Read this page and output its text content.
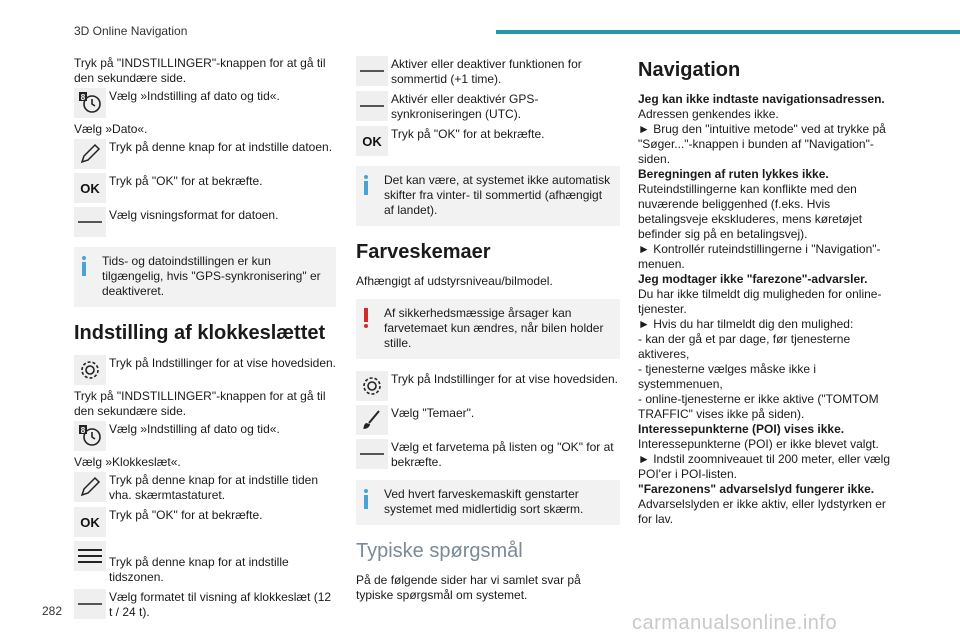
3D Online Navigation

Tryk på "INDSTILLINGER"-knappen for at gå til den sekundære side.

8 Vælg »Indstilling af dato og tid«.

Vælg »Dato«.

Tryk på denne knap for at indstille datoen.
OK Tryk på "OK" for at bekræfte.
Vælg visningsformat for datoen.
Tids- og datoindstillingen er kun tilgængelig, hvis "GPS-synkronisering" er deaktiveret.
Indstilling af klokkeslættet
Tryk på Indstillinger for at vise hovedsiden.

Tryk på "INDSTILLINGER"-knappen for at gå til den sekundære side.

8 Vælg »Indstilling af dato og tid«.

Vælg »Klokkeslæt«.

Tryk på denne knap for at indstille tiden vha. skærmtastaturet.
OK Tryk på "OK" for at bekræfte.
Tryk på denne knap for at indstille tidszonen.
Vælg formatet til visning af klokkeslæt (12 t / 24 t).
Aktiver eller deaktiver funktionen for sommertid (+1 time).
Aktivér eller deaktivér GPS-synkroniseringen (UTC).
OK Tryk på "OK" for at bekræfte.
Det kan være, at systemet ikke automatisk skifter fra vinter- til sommertid (afhængigt af landet).
Farveskemaer

Afhængigt af udstyrsniveau/bilmodel.

Af sikkerhedsmæssige årsager kan farvetemaet kun ændres, når bilen holder stille.
Tryk på Indstillinger for at vise hovedsiden.
Vælg "Temaer".
Vælg et farvetema på listen og "OK" for at bekræfte.
Ved hvert farveskemaskift genstarter systemet med midlertidig sort skærm.
Typiske spørgsmål

På de følgende sider har vi samlet svar på typiske spørgsmål om systemet.

Navigation

Jeg kan ikke indtaste navigationsadressen.

Adressen genkendes ikke.

► Brug den "intuitive metode" ved at trykke på "Søger..."-knappen i bunden af "Navigation"-siden.

Beregningen af ruten lykkes ikke.

Ruteindstillingerne kan konflikte med den nuværende beliggenhed (f.eks. Hvis betalingsveje ekskluderes, mens køretøjet befinder sig på en betalingsvej).

► Kontrollér ruteindstillingerne i "Navigation"-menuen.

Jeg modtager ikke "farezone"-advarsler.

Du har ikke tilmeldt dig muligheden for online-tjenester.

► Hvis du har tilmeldt dig den mulighed:

- kan der gå et par dage, før tjenesterne aktiveres,

- tjenesterne vælges måske ikke i systemmenuen,

- online-tjenesterne er ikke aktive ("TOMTOM TRAFFIC" vises ikke på siden).

Interessepunkterne (POI) vises ikke.

Interessepunkterne (POI) er ikke blevet valgt.

► Indstil zoomniveauet til 200 meter, eller vælg POI'er i POI-listen.

"Farezonens" advarselslyd fungerer ikke.

Advarselslyden er ikke aktiv, eller lydstyrken er for lav.

282
carmanualsonline.info
